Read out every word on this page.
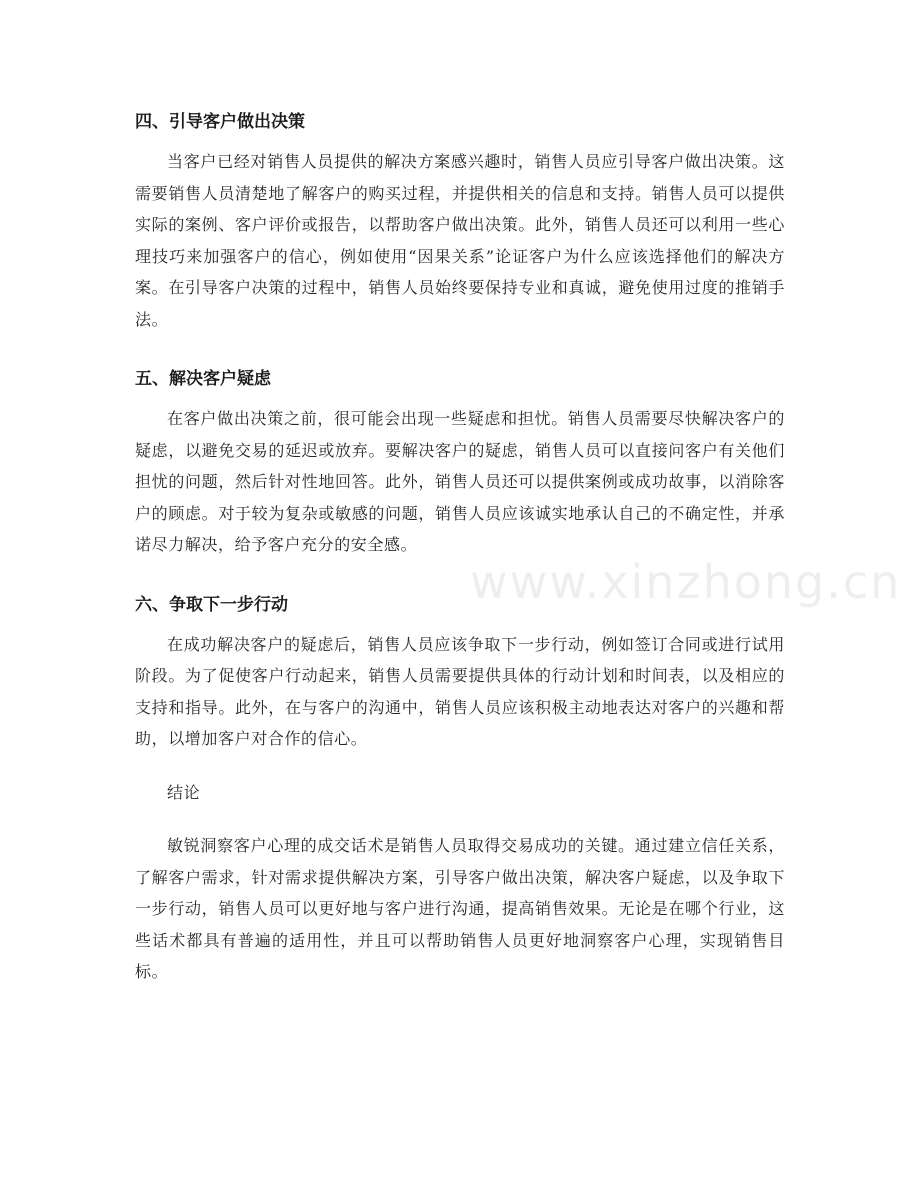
四、引导客户做出决策

当客户已经对销售人员提供的解决方案感兴趣时，销售人员应引导客户做出决策。这需要销售人员清楚地了解客户的购买过程，并提供相关的信息和支持。销售人员可以提供实际的案例、客户评价或报告，以帮助客户做出决策。此外，销售人员还可以利用一些心理技巧来加强客户的信心，例如使用“因果关系”论证客户为什么应该选择他们的解决方案。在引导客户决策的过程中，销售人员始终要保持专业和真诚，避免使用过度的推销手法。

五、解决客户疑虑

在客户做出决策之前，很可能会出现一些疑虑和担忧。销售人员需要尽快解决客户的疑虑，以避免交易的延迟或放弃。要解决客户的疑虑，销售人员可以直接问客户有关他们担忧的问题，然后针对性地回答。此外，销售人员还可以提供案例或成功故事，以消除客户的顾虑。对于较为复杂或敏感的问题，销售人员应该诚实地承认自己的不确定性，并承诺尽力解决，给予客户充分的安全感。

六、争取下一步行动

在成功解决客户的疑虑后，销售人员应该争取下一步行动，例如签订合同或进行试用阶段。为了促使客户行动起来，销售人员需要提供具体的行动计划和时间表，以及相应的支持和指导。此外，在与客户的沟通中，销售人员应该积极主动地表达对客户的兴趣和帮助，以增加客户对合作的信心。

结论

敏锐洞察客户心理的成交话术是销售人员取得交易成功的关键。通过建立信任关系，了解客户需求，针对需求提供解决方案，引导客户做出决策，解决客户疑虑，以及争取下一步行动，销售人员可以更好地与客户进行沟通，提高销售效果。无论是在哪个行业，这些话术都具有普遍的适用性，并且可以帮助销售人员更好地洞察客户心理，实现销售目标。

www.xinzhong.cn
